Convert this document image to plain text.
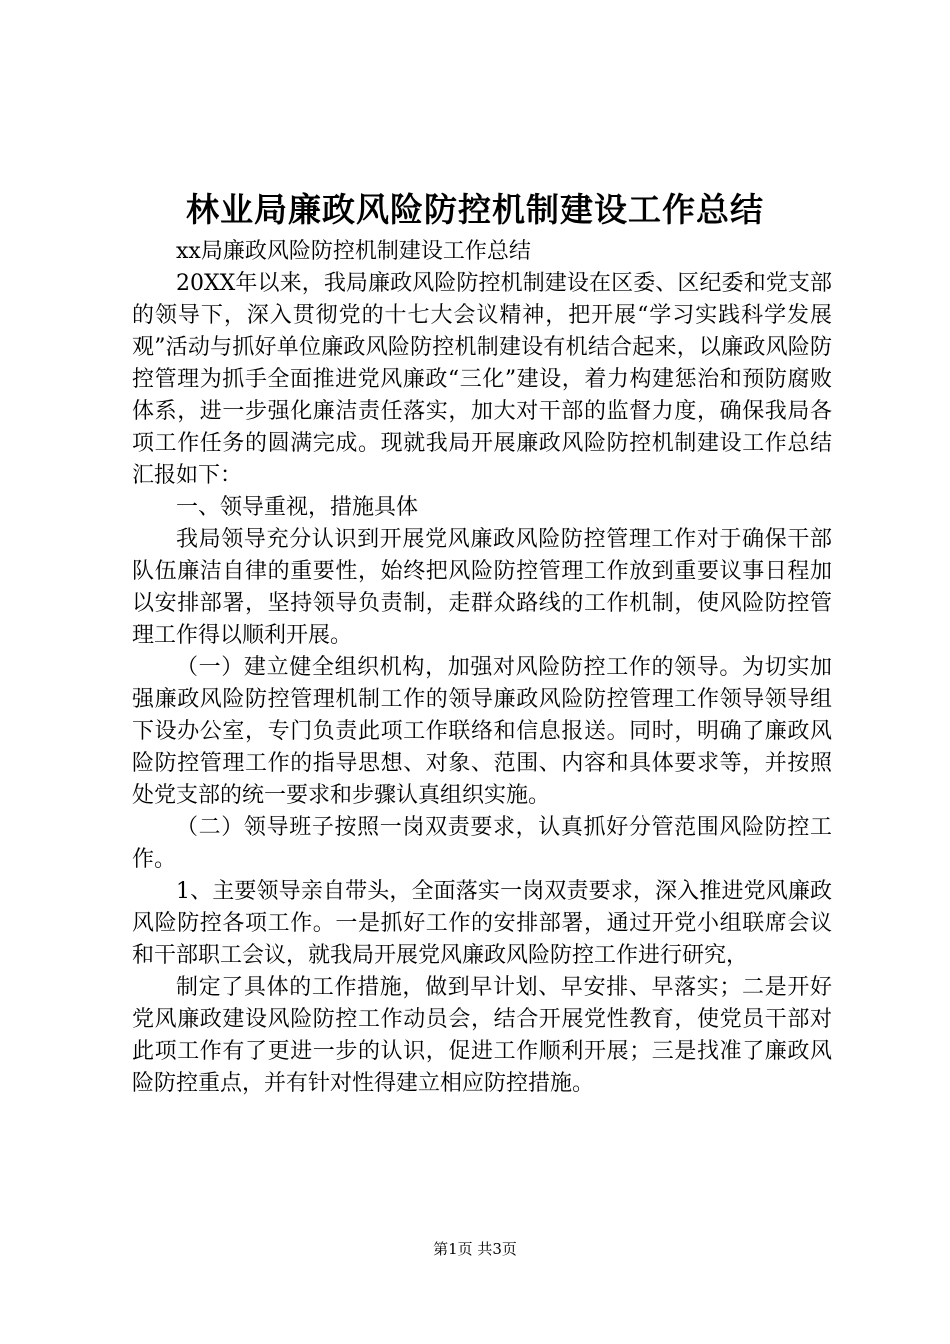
林业局廉政风险防控机制建设工作总结

xx局廉政风险防控机制建设工作总结

20XX年以来，我局廉政风险防控机制建设在区委、区纪委和党支部的领导下，深入贯彻党的十七大会议精神，把开展“学习实践科学发展观”活动与抓好单位廉政风险防控机制建设有机结合起来，以廉政风险防控管理为抓手全面推进党风廉政“三化”建设，着力构建惩治和预防腐败体系，进一步强化廉洁责任落实，加大对干部的监督力度，确保我局各项工作任务的圆满完成。现就我局开展廉政风险防控机制建设工作总结汇报如下：

一、领导重视，措施具体

我局领导充分认识到开展党风廉政风险防控管理工作对于确保干部队伍廉洁自律的重要性，始终把风险防控管理工作放到重要议事日程加以安排部署，坚持领导负责制，走群众路线的工作机制，使风险防控管理工作得以顺利开展。

（一）建立健全组织机构，加强对风险防控工作的领导。为切实加强廉政风险防控管理机制工作的领导廉政风险防控管理工作领导领导组下设办公室，专门负责此项工作联络和信息报送。同时，明确了廉政风险防控管理工作的指导思想、对象、范围、内容和具体要求等，并按照处党支部的统一要求和步骤认真组织实施。

（二）领导班子按照一岗双责要求，认真抓好分管范围风险防控工作。

1、主要领导亲自带头，全面落实一岗双责要求，深入推进党风廉政风险防控各项工作。一是抓好工作的安排部署，通过开党小组联席会议和干部职工会议，就我局开展党风廉政风险防控工作进行研究，

制定了具体的工作措施，做到早计划、早安排、早落实；二是开好党风廉政建设风险防控工作动员会，结合开展党性教育，使党员干部对此项工作有了更进一步的认识，促进工作顺利开展；三是找准了廉政风险防控重点，并有针对性得建立相应防控措施。

第1页 共3页
